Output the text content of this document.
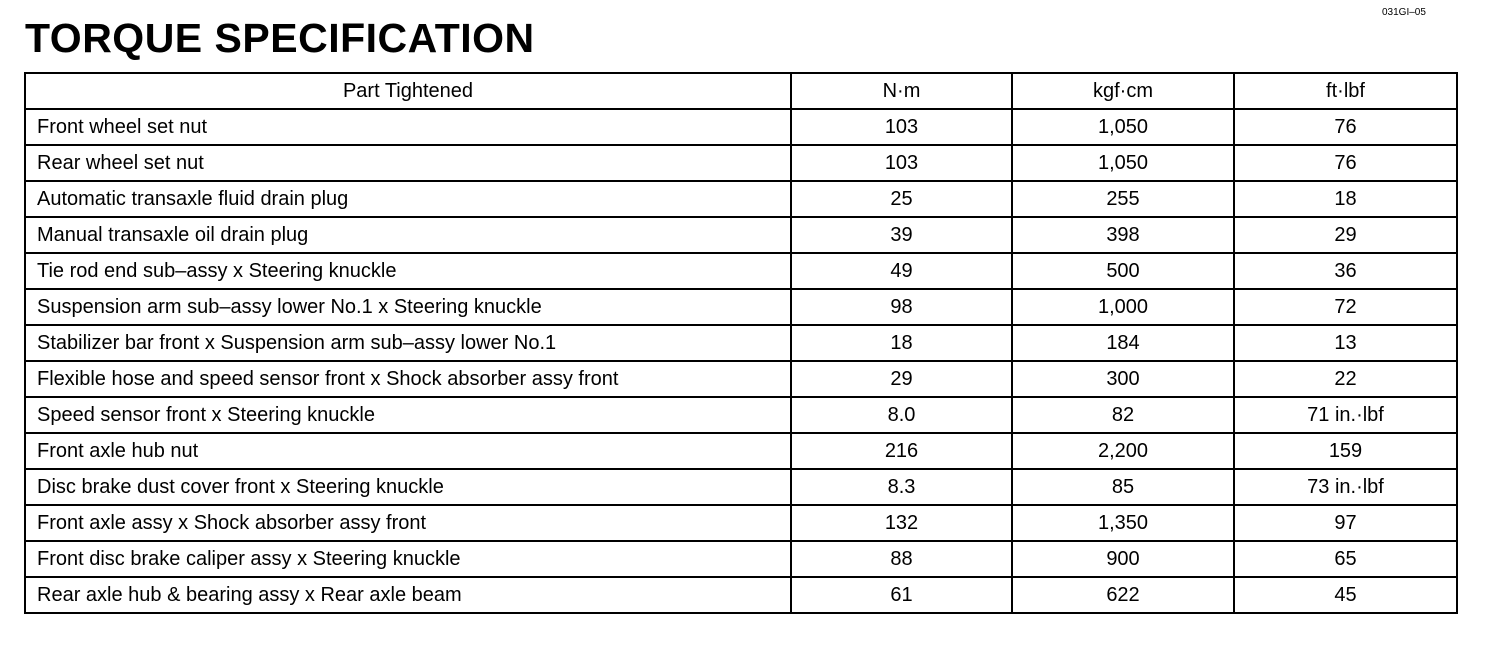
TORQUE SPECIFICATION
031GI–05
Part Tightened	N·m	kgf·cm	ft·lbf
Front wheel set nut	103	1,050	76
Rear wheel set nut	103	1,050	76
Automatic transaxle fluid drain plug	25	255	18
Manual transaxle oil drain plug	39	398	29
Tie rod end sub–assy x Steering knuckle	49	500	36
Suspension arm sub–assy lower No.1 x Steering knuckle	98	1,000	72
Stabilizer bar front x Suspension arm sub–assy lower No.1	18	184	13
Flexible hose and speed sensor front x Shock absorber assy front	29	300	22
Speed sensor front x Steering knuckle	8.0	82	71 in.·lbf
Front axle hub nut	216	2,200	159
Disc brake dust cover front x Steering knuckle	8.3	85	73 in.·lbf
Front axle assy x Shock absorber assy front	132	1,350	97
Front disc brake caliper assy x Steering knuckle	88	900	65
Rear axle hub & bearing assy x Rear axle beam	61	622	45
